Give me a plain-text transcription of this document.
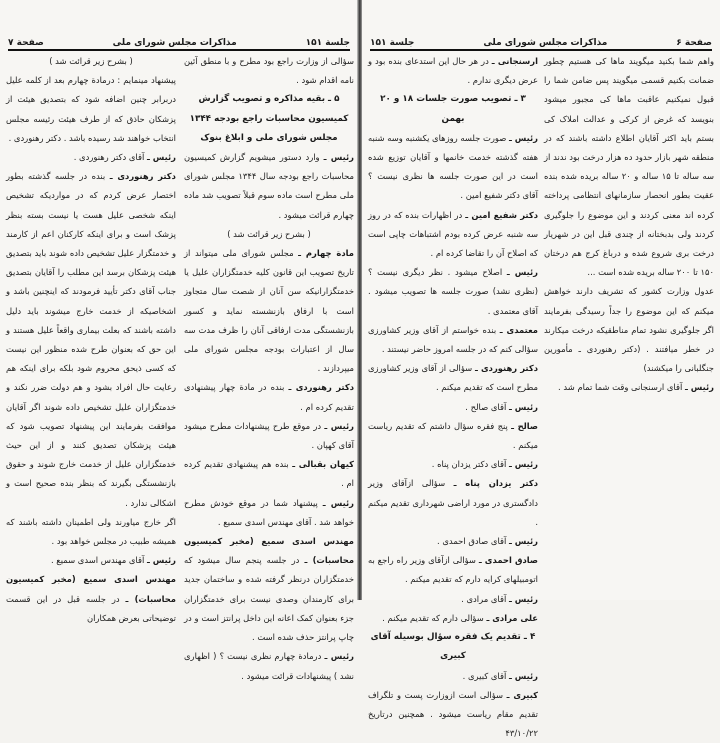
جلسة ۱۵۱
مذاکرات مجلس شورای ملی
صفحة ۷

سؤالی از وزارت راجع بود مطرح و با منطق آئین نامه اقدام شود .

۵ ـ بقیه مذاکره و تصویب گزارش کمیسیون محاسبات راجع بودجه ۱۳۴۴ مجلس شورای ملی و ابلاغ بنوک

رئیس ـ وارد دستور میشویم گزارش کمیسیون محاسبات راجع بودجه سال ۱۳۴۴ مجلس شورای ملی مطرح است ماده سوم قبلاً تصویب شد ماده چهارم قرائت میشود .

( بشرح زیر قرائت شد )

مادة چهارم ـ مجلس شورای ملی میتواند از تاریخ تصویب این قانون کلیه خدمتگزاران علیل یا خدمتگزارانیکه سن آنان از شصت سال متجاوز است با ارفاق بازنشسته نماید و کسور بازنشستگی مدت ارفاقی آنان را ظرف مدت سه سال از اعتبارات بودجه مجلس شورای ملی میپردازند .

دکتر رهنوردی ـ بنده در مادة چهار پیشنهادی تقدیم کرده ام .

رئیس ـ در موقع طرح پیشنهادات مطرح میشود آقای کهپان .

کیهان بقبالی ـ بنده هم پیشنهادی تقدیم کرده ام .

رئیس ـ پیشنهاد شما در موقع خودش مطرح خواهد شد . آقای مهندس اسدی سمیع .

مهندس اسدی سمیع (مخبر کمیسیون محاسبات) ـ در جلسه پنجم سال میشود که خدمتگزاران درنظر گرفته شده و ساختمان جدید برای کارمندان وصدی نیست برای خدمتگزاران جزء بعنوان کمک اعانه این داخل پرانتز است و در چاپ پرانتز حذف شده است .

رئیس ـ درمادة چهارم نظری نیست ؟ ( اظهاری نشد ) پیشنهادات قرائت میشود .

( بشرح زیر قرائت شد )

پیشنهاد مینمایم : درمادة چهارم بعد از کلمه علیل دربرابر چنین اضافه شود که بتصدیق هیئت از پزشکان حاذق که از طرف هیئت رئیسه مجلس انتخاب خواهند شد رسیده باشد . دکتر رهنوردی .

رئیس ـ آقای دکتر رهنوردی .

دکتر رهنوردی ـ بنده در جلسه گذشته بطور اختصار عرض کردم که در مواردیکه تشخیص اینکه شخصی علیل هست یا نیست بسته بنظر پزشک است و برای اینکه کارکنان اعم از کارمند و خدمتگزار علیل تشخیص داده شوند باید بتصدیق هیئت پزشکان برسد این مطلب را آقایان بتصدیق جناب آقای دکتر تأیید فرمودند که اینچنین باشد و اشخاصیکه از خدمت خارج میشوند باید دلیل داشته باشند که بعلت بیماری واقعاً علیل هستند و این حق که بعنوان طرح شده منظور این نیست که کسی ذیحق محروم شود بلکه برای اینکه هم رعایت حال افراد بشود و هم دولت ضرر نکند و خدمتگزاران علیل تشخیص داده شوند اگر آقایان موافقت بفرمایند این پیشنهاد تصویب شود که هیئت پزشکان تصدیق کنند و از این حیث خدمتگزاران علیل از خدمت خارج شوند و حقوق بازنشستگی بگیرند که بنظر بنده صحیح است و اشکالی ندارد .

اگر خارج میاورند ولی اطمینان داشته باشند که همیشه طبیب در مجلس خواهد بود .

رئیس ـ آقای مهندس اسدی سمیع .

مهندس اسدی سمیع (مخبر کمیسیون محاسبات) ـ در جلسه قبل در این قسمت توضیحاتی بعرض همکاران

صفحة ۶
مذاکرات مجلس شورای ملی
جلسة ۱۵۱

واهم شما بکنید میگویند ماها کی هستیم چطور ضمانت بکنیم قسمی میگویند پس ضامن شما را قبول نمیکنیم عاقبت ماها کی مجبور میشود بنویسد که غرض از کرکی و عدالت املاک کی بستم باید اکثر آقایان اطلاع داشته باشند که در منطقه شهر بازار حدود ده هزار درخت بود ندند از سه ساله تا ۱۵ ساله و ۲۰ ساله بریده شده بنده عقیت بطور انحصار سازمانهای انتظامی پرداخته کرده اند معنی کردند و این موضوع را جلوگیری کردند ولی بدبختانه از چندی قبل این در شهریار درخت بری شروع شده و درباغ کرج هم درختان ۱۵۰ تا ۲۰۰ ساله بریده شده است ...

عدول وزارت کشور که تشریف دارند خواهش میکنم که این موضوع را جداً رسیدگی بفرمایند اگر جلوگیری نشود تمام مناطقیکه درخت میکارند در خطر میافتند . (دکتر رهنوردی ـ مأمورین جنگلبانی را میکشند)

رئیس ـ آقای ارسنجانی وقت شما تمام شد .

ارسنجانی ـ در هر حال این استدعای بنده بود و عرض دیگری ندارم .

۳ ـ تصویب صورت جلسات ۱۸ و ۲۰ بهمن

رئیس ـ صورت جلسه روزهای یکشنبه وسه شنبه هفته گذشته خدمت خانمها و آقایان توزیع شده است در این صورت جلسه ها نظری نیست ؟ آقای دکتر شفیع امین .

دکتر شفیع امین ـ در اظهارات بنده که در روز سه شنبه عرض کرده بودم اشتباهات چاپی است که اصلاح آن را تقاضا کرده ام .

رئیس ـ اصلاح میشود . نظر دیگری نیست ؟ (نظری نشد) صورت جلسه ها تصویب میشود . آقای معتمدی .

معتمدی ـ بنده خواستم از آقای وزیر کشاورزی سؤالی کنم که در جلسه امروز حاضر نیستند .

دکتر رهنوردی ـ سؤالی از آقای وزیر کشاورزی مطرح است که تقدیم میکنم .

رئیس ـ آقای صالح .

صالح ـ پنج فقره سؤال داشتم که تقدیم ریاست میکنم .

رئیس ـ آقای دکتر یزدان پناه .

دکتر یزدان پناه ـ سؤالی ازآقای وزیر دادگستری در مورد اراضی شهرداری تقدیم میکنم .

رئیس ـ آقای صادق احمدی .

صادق احمدی ـ سؤالی ازآقای وزیر راه راجع به اتومبیلهای کرایه دارم که تقدیم میکنم .

رئیس ـ آقای مرادی .

علی مرادی ـ سؤالی دارم که تقدیم میکنم .

۴ ـ تقدیم یک فقره سؤال بوسیله آقای کبیری

رئیس ـ آقای کبیری .

کبیری ـ سؤالی است ازوزارت پست و تلگراف تقدیم مقام ریاست میشود . همچنین درتاریخ ۴۳/۱۰/۲۲
